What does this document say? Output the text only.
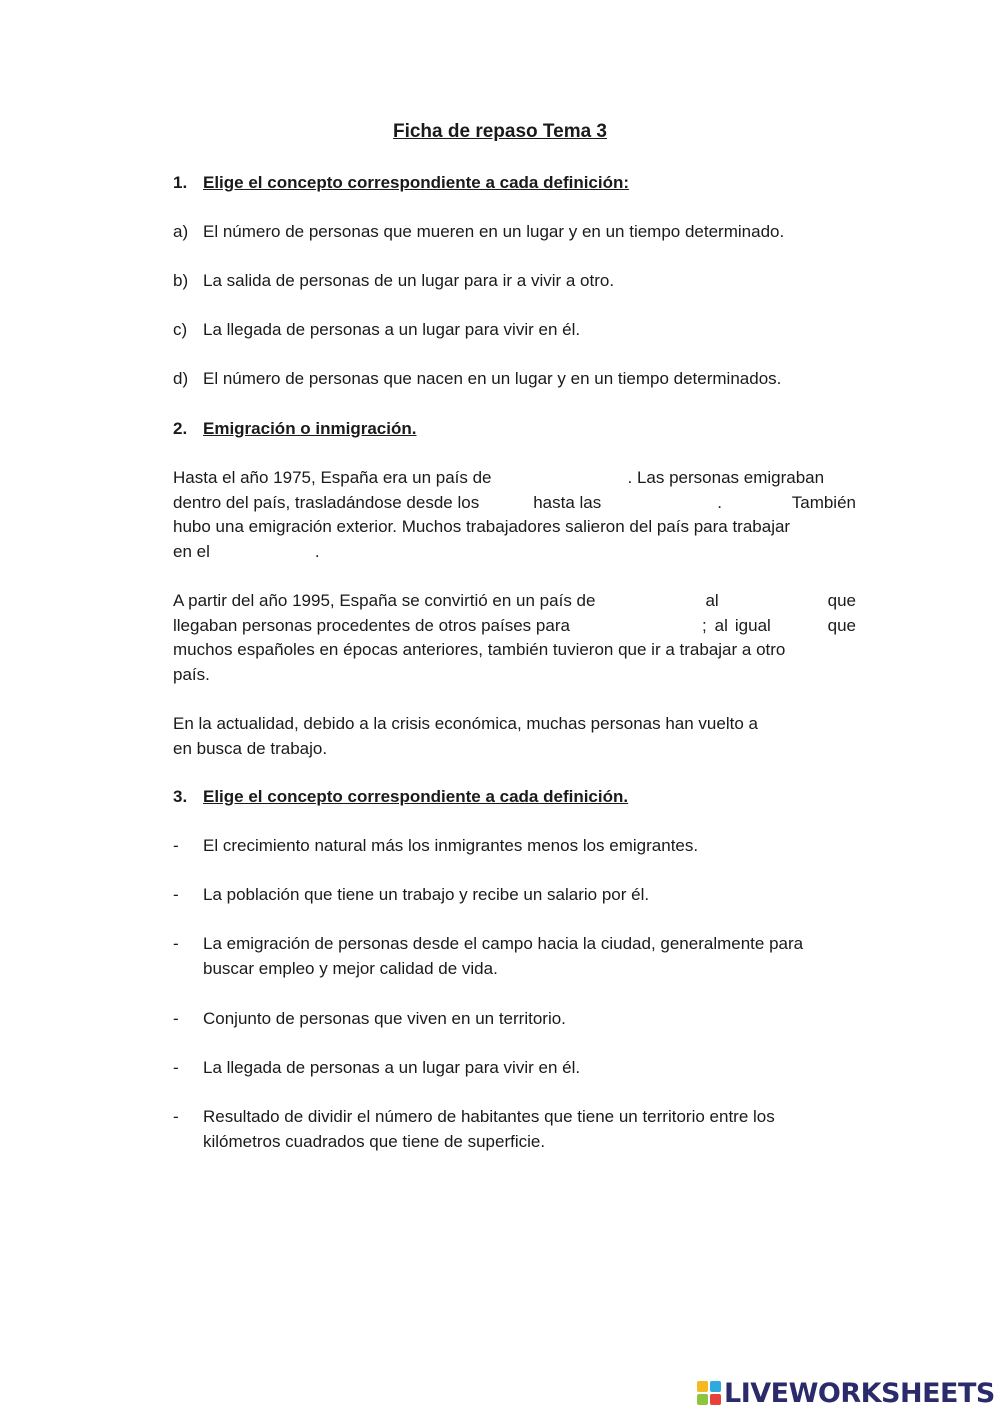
Ficha de repaso Tema 3
1. Elige el concepto correspondiente a cada definición:
a) El número de personas que mueren en un lugar y en un tiempo determinado.
b) La salida de personas de un lugar para ir a vivir a otro.
c) La llegada de personas a un lugar para vivir en él.
d) El número de personas que nacen en un lugar y en un tiempo determinados.
2. Emigración o inmigración.
Hasta el año 1975, España era un país de	. Las personas emigraban
dentro del país, trasladándose desde los	hasta las	.	También
hubo una emigración exterior. Muchos trabajadores salieron del país para trabajar
en el	.
A partir del año 1995, España se convirtió en un país de	al	que
llegaban personas procedentes de otros países para	; al igual	que
muchos españoles en épocas anteriores, también tuvieron que ir a trabajar a otro
país.
En la actualidad, debido a la crisis económica, muchas personas han vuelto a
en busca de trabajo.
3. Elige el concepto correspondiente a cada definición.
- El crecimiento natural más los inmigrantes menos los emigrantes.
- La población que tiene un trabajo y recibe un salario por él.
- La emigración de personas desde el campo hacia la ciudad, generalmente para
buscar empleo y mejor calidad de vida.
- Conjunto de personas que viven en un territorio.
- La llegada de personas a un lugar para vivir en él.
- Resultado de dividir el número de habitantes que tiene un territorio entre los
kilómetros cuadrados que tiene de superficie.
LIVEWORKSHEETS
